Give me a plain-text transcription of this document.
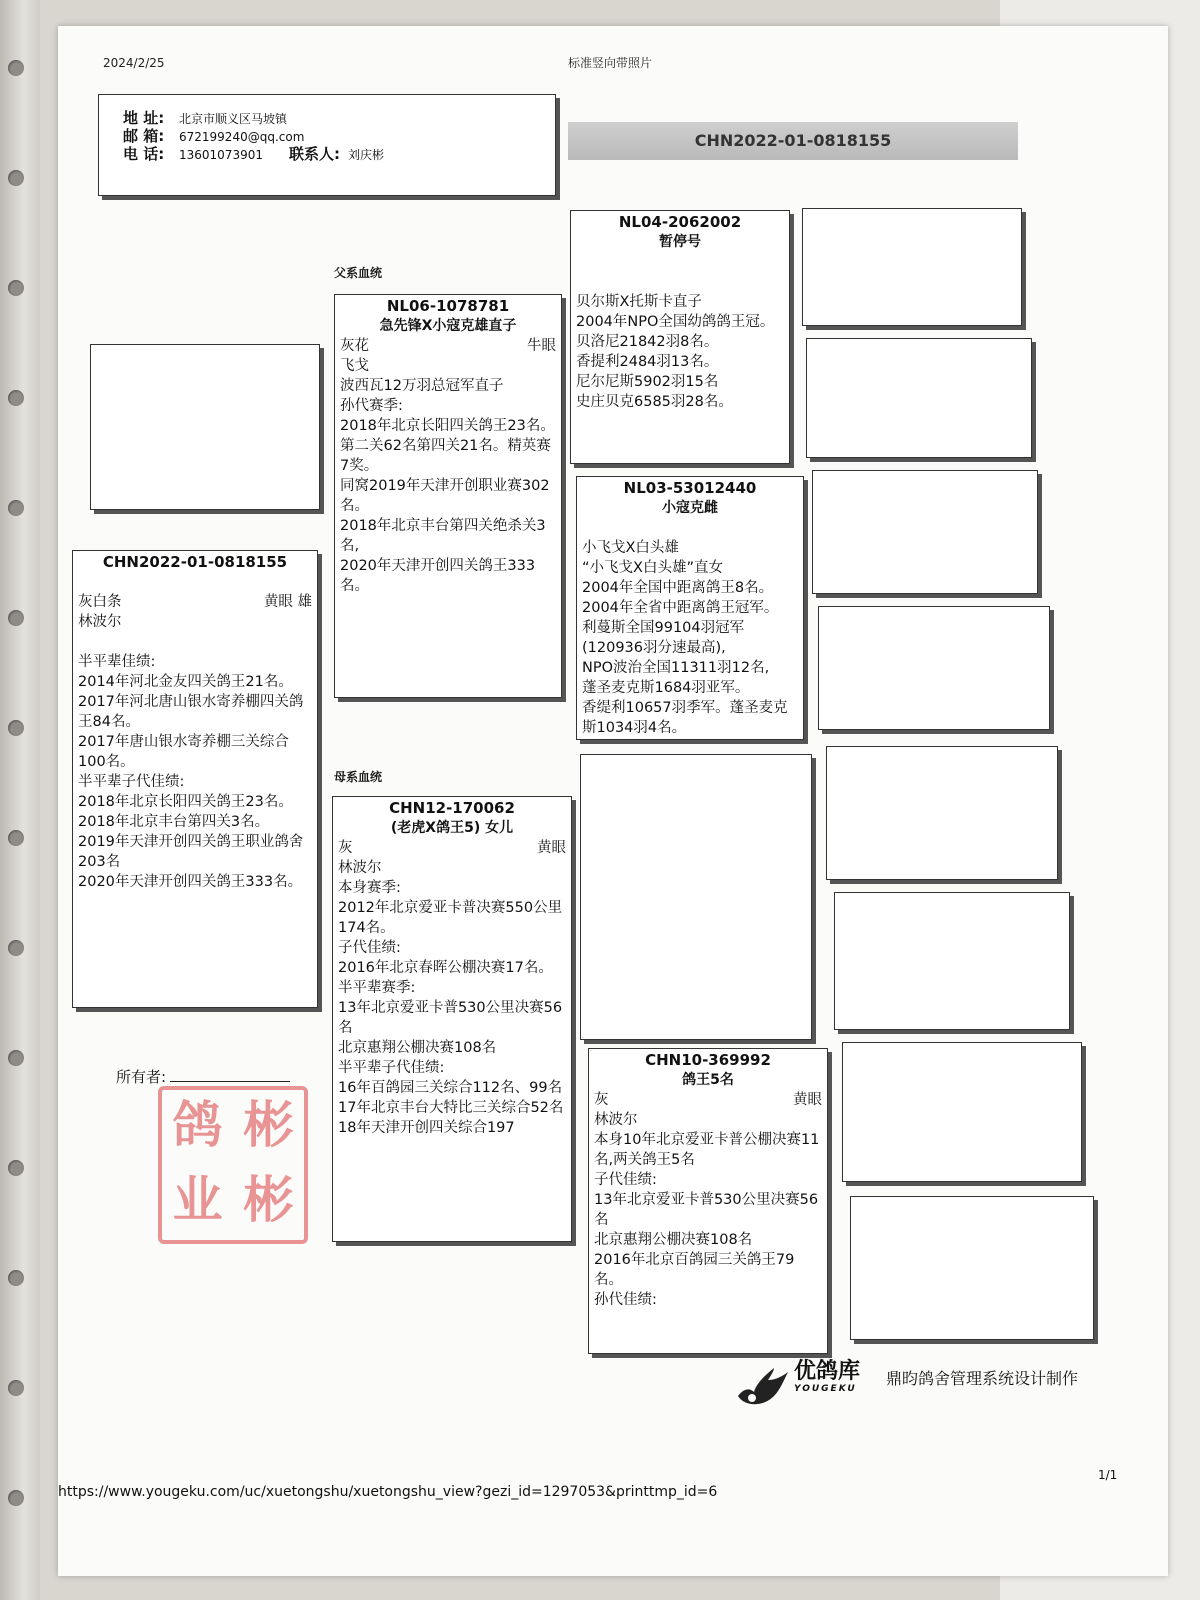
2024/2/25	标准竖向带照片
地 址: 北京市顺义区马坡镇
邮 箱: 672199240@qq.com
电 话: 13601073901 联系人: 刘庆彬
CHN2022-01-0818155
父系血统
母系血统
CHN2022-01-0818155
灰白条	黄眼 雄
林波尔
半平辈佳绩:
2014年河北金友四关鸽王21名。
2017年河北唐山银水寄养棚四关鸽王84名。
2017年唐山银水寄养棚三关综合100名。
半平辈子代佳绩:
2018年北京长阳四关鸽王23名。
2018年北京丰台第四关3名。
2019年天津开创四关鸽王职业鸽舍203名
2020年天津开创四关鸽王333名。
NL06-1078781
急先锋X小寇克雄直子
灰花	牛眼
飞戈
波西瓦12万羽总冠军直子
孙代赛季:
2018年北京长阳四关鸽王23名。第二关62名第四关21名。精英赛7奖。
同窝2019年天津开创职业赛302名。
2018年北京丰台第四关绝杀关3名,
2020年天津开创四关鸽王333名。
CHN12-170062
(老虎X鸽王5) 女儿
灰	黄眼
林波尔
本身赛季:
2012年北京爱亚卡普决赛550公里174名。
子代佳绩:
2016年北京春晖公棚决赛17名。
半平辈赛季:
13年北京爱亚卡普530公里决赛56名
北京惠翔公棚决赛108名
半平辈子代佳绩:
16年百鸽园三关综合112名、99名
17年北京丰台大特比三关综合52名
18年天津开创四关综合197
NL04-2062002
暂停号
贝尔斯X托斯卡直子
2004年NPO全国幼鸽鸽王冠。
贝洛尼21842羽8名。
香提利2484羽13名。
尼尔尼斯5902羽15名
史庄贝克6585羽28名。
NL03-53012440
小寇克雌
小飞戈X白头雄
“小飞戈X白头雄”直女
2004年全国中距离鸽王8名。
2004年全省中距离鸽王冠军。
利蔓斯全国99104羽冠军
(120936羽分速最高),
NPO波治全国11311羽12名,
蓬圣麦克斯1684羽亚军。
香缇利10657羽季军。蓬圣麦克斯1034羽4名。
CHN10-369992
鸽王5名
灰	黄眼
林波尔
本身10年北京爱亚卡普公棚决赛11名,两关鸽王5名
子代佳绩:
13年北京爱亚卡普530公里决赛56名
北京惠翔公棚决赛108名
2016年北京百鸽园三关鸽王79名。
孙代佳绩:
所有者:
鸽 彬
业 彬
优鸽库
YOUGEKU
鼎昀鸽舍管理系统设计制作
1/1
https://www.yougeku.com/uc/xuetongshu/xuetongshu_view?gezi_id=1297053&printtmp_id=6
